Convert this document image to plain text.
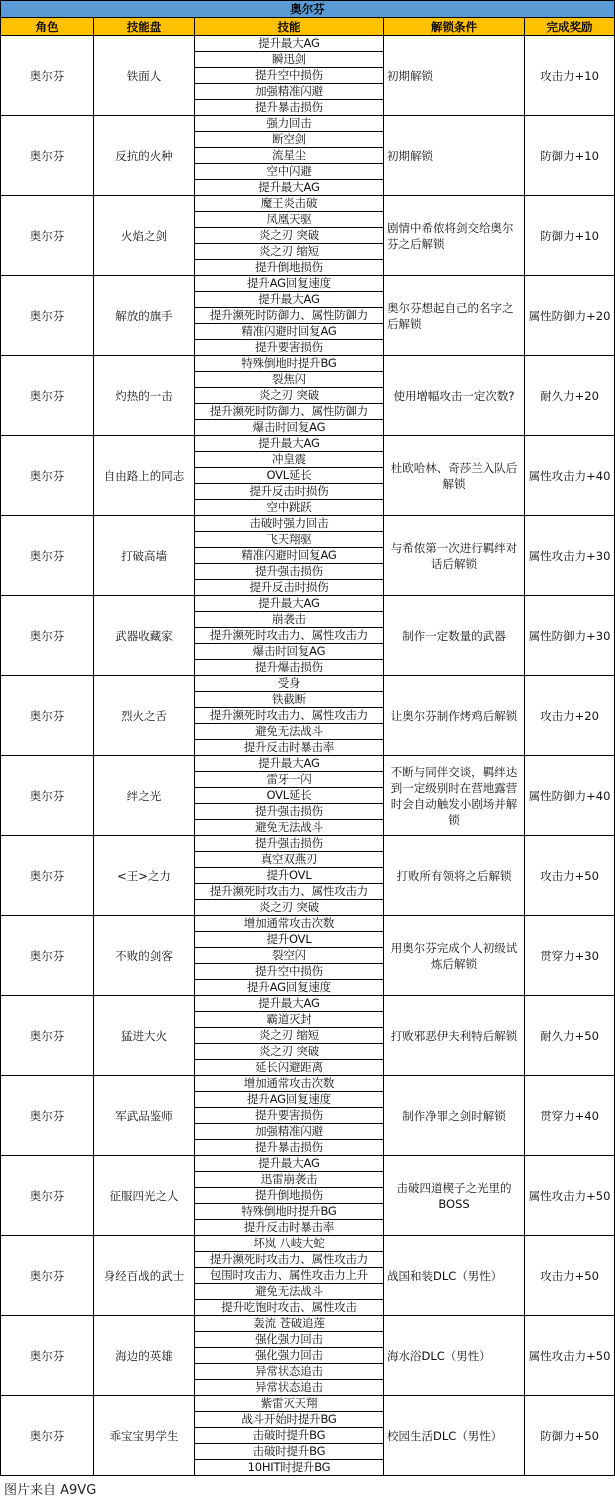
奥尔芬				
角色	技能盘	技能	解锁条件	完成奖励
奥尔芬	铁面人	提升最大AG	初期解锁	攻击力+10
		瞬迅剑		
		提升空中损伤		
		加强精准闪避		
		提升暴击损伤		
奥尔芬	反抗的火种	强力回击	初期解锁	防御力+10
		断空剑		
		流星尘		
		空中闪避		
		提升最大AG		
奥尔芬	火焰之剑	魔王炎击破	剧情中希侬将剑交给奥尔芬之后解锁	防御力+10
		凤凰天驱		
		炎之刃 突破		
		炎之刃 缩短		
		提升倒地损伤		
奥尔芬	解放的旗手	提升AG回复速度	奥尔芬想起自己的名字之后解锁	属性防御力+20
		提升最大AG		
		提升濒死时防御力、属性防御力		
		精准闪避时回复AG		
		提升要害损伤		
奥尔芬	灼热的一击	特殊倒地时提升BG	使用增幅攻击一定次数?	耐久力+20
		裂焦闪		
		炎之刃 突破		
		提升濒死时防御力、属性防御力		
		爆击时回复AG		
奥尔芬	自由路上的同志	提升最大AG	杜欧哈林、奇莎兰入队后解锁	属性攻击力+40
		冲皇震		
		OVL延长		
		提升反击时损伤		
		空中跳跃		
奥尔芬	打破高墙	击破时强力回击	与希侬第一次进行羁绊对话后解锁	属性攻击力+30
		飞天翔驱		
		精准闪避时回复AG		
		提升强击损伤		
		提升反击时损伤		
奥尔芬	武器收藏家	提升最大AG	制作一定数量的武器	属性防御力+30
		崩袭击		
		提升濒死时攻击力、属性攻击力		
		爆击时回复AG		
		提升爆击损伤		
奥尔芬	烈火之舌	受身	让奥尔芬制作烤鸡后解锁	攻击力+20
		铁截断		
		提升濒死时攻击力、属性攻击力		
		避免无法战斗		
		提升反击时暴击率		
奥尔芬	绊之光	提升最大AG	不断与同伴交谈，羁绊达到一定级别时在营地露营时会自动触发小剧场并解锁	属性防御力+40
		雷牙一闪		
		OVL延长		
		提升强击损伤		
		避免无法战斗		
奥尔芬	<王>之力	提升强击损伤	打败所有领将之后解锁	攻击力+50
		真空双燕刃		
		提升OVL		
		提升濒死时攻击力、属性攻击力		
		炎之刃 突破		
奥尔芬	不败的剑客	增加通常攻击次数	用奥尔芬完成个人初级试炼后解锁	贯穿力+30
		提升OVL		
		裂空闪		
		提升空中损伤		
		提升AG回复速度		
奥尔芬	猛进大火	提升最大AG	打败邪恶伊夫利特后解锁	耐久力+50
		霸道灭封		
		炎之刃 缩短		
		炎之刃 突破		
		延长闪避距离		
奥尔芬	军武品鉴师	增加通常攻击次数	制作净罪之剑时解锁	贯穿力+40
		提升AG回复速度		
		提升要害损伤		
		加强精准闪避		
		提升暴击损伤		
奥尔芬	征服四光之人	提升最大AG	击破四道楔子之光里的BOSS	属性攻击力+50
		迅雷崩袭击		
		提升倒地损伤		
		特殊倒地时提升BG		
		提升反击时暴击率		
奥尔芬	身经百战的武士	坏岚 八岐大蛇	战国和装DLC（男性）	攻击力+50
		提升濒死时攻击力、属性攻击力		
		包围时攻击力、属性攻击力上升		
		避免无法战斗		
		提升吃饱时攻击、属性攻击		
奥尔芬	海边的英雄	轰流 苍破追莲	海水浴DLC（男性）	属性攻击力+50
		强化强力回击		
		强化强力回击		
		异常状态追击		
		异常状态追击		
奥尔芬	乖宝宝男学生	紫雷灭天翔	校园生活DLC（男性）	防御力+50
		战斗开始时提升BG		
		击破时提升BG		
		击破时提升BG		
		10HIT时提升BG		
图片来自 A9VG
